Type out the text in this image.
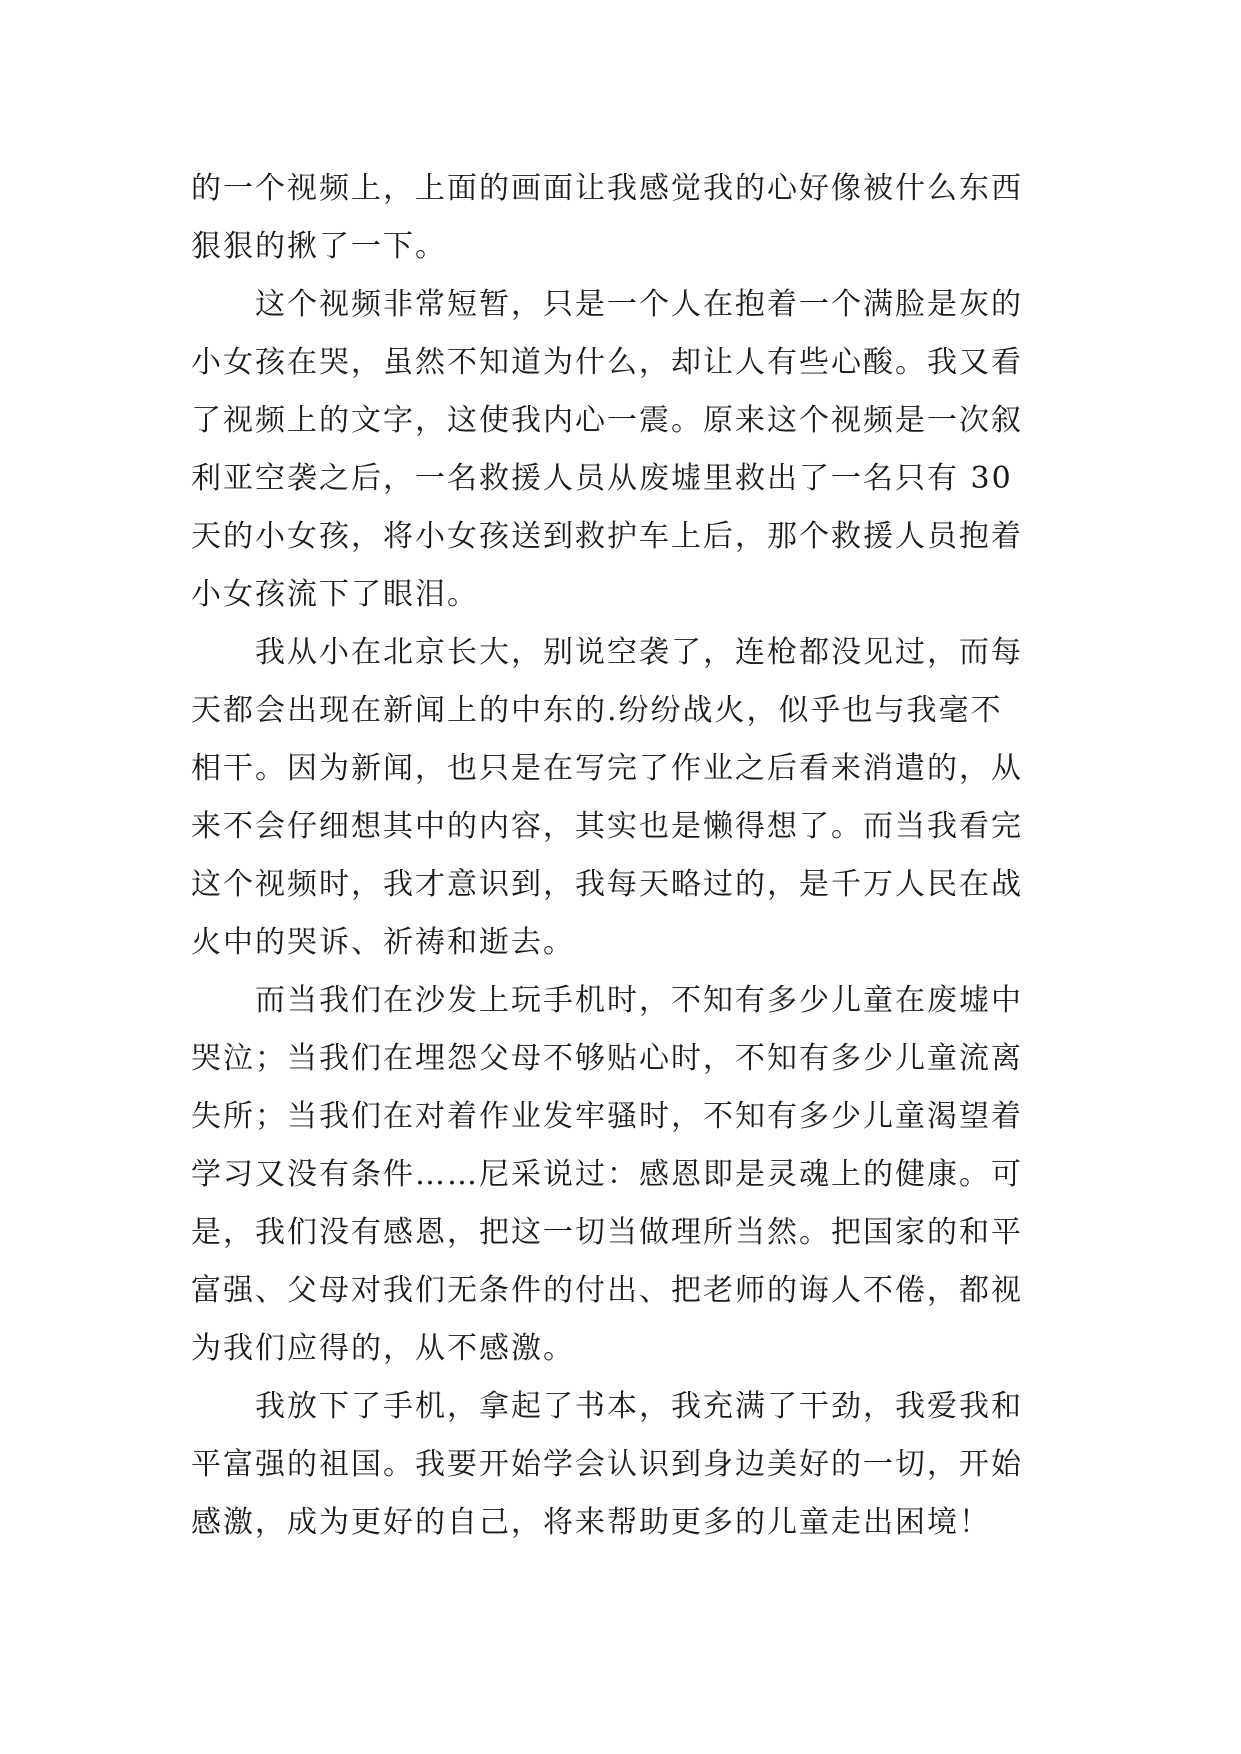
的一个视频上，上面的画面让我感觉我的心好像被什么东西
狠狠的揪了一下。
这个视频非常短暂，只是一个人在抱着一个满脸是灰的
小女孩在哭，虽然不知道为什么，却让人有些心酸。我又看
了视频上的文字，这使我内心一震。原来这个视频是一次叙
利亚空袭之后，一名救援人员从废墟里救出了一名只有 30
天的小女孩，将小女孩送到救护车上后，那个救援人员抱着
小女孩流下了眼泪。
我从小在北京长大，别说空袭了，连枪都没见过，而每
天都会出现在新闻上的中东的.纷纷战火，似乎也与我毫不
相干。因为新闻，也只是在写完了作业之后看来消遣的，从
来不会仔细想其中的内容，其实也是懒得想了。而当我看完
这个视频时，我才意识到，我每天略过的，是千万人民在战
火中的哭诉、祈祷和逝去。
而当我们在沙发上玩手机时，不知有多少儿童在废墟中
哭泣；当我们在埋怨父母不够贴心时，不知有多少儿童流离
失所；当我们在对着作业发牢骚时，不知有多少儿童渴望着
学习又没有条件……尼采说过：感恩即是灵魂上的健康。可
是，我们没有感恩，把这一切当做理所当然。把国家的和平
富强、父母对我们无条件的付出、把老师的诲人不倦，都视
为我们应得的，从不感激。
我放下了手机，拿起了书本，我充满了干劲，我爱我和
平富强的祖国。我要开始学会认识到身边美好的一切，开始
感激，成为更好的自己，将来帮助更多的儿童走出困境！
